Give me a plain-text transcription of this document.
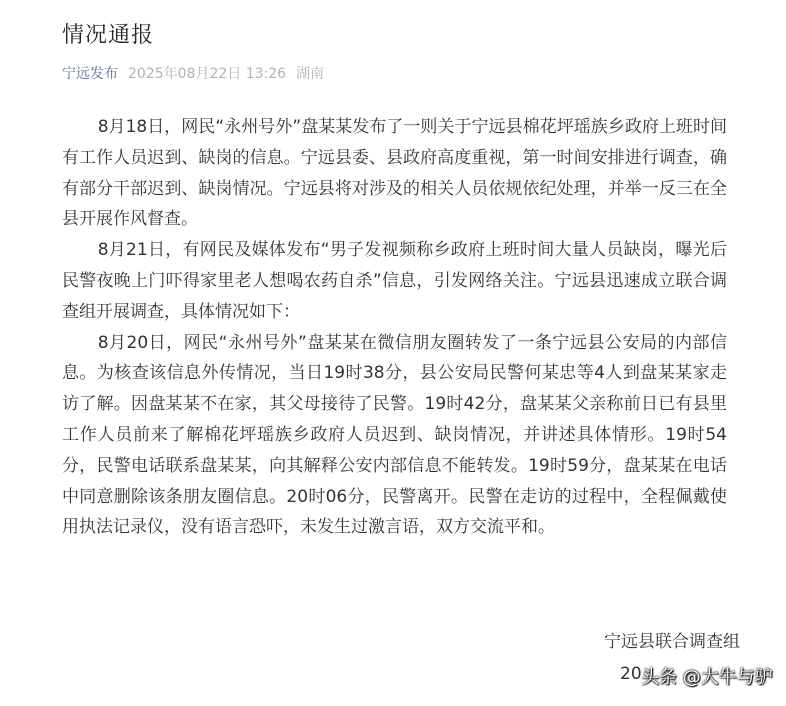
情况通报
宁远发布 2025年08月22日 13:26 湖南

8月18日，网民“永州号外”盘某某发布了一则关于宁远县棉花坪瑶族乡政府上班时间有工作人员迟到、缺岗的信息。宁远县委、县政府高度重视，第一时间安排进行调查，确有部分干部迟到、缺岗情况。宁远县将对涉及的相关人员依规依纪处理，并举一反三在全县开展作风督查。

8月21日，有网民及媒体发布“男子发视频称乡政府上班时间大量人员缺岗，曝光后民警夜晚上门吓得家里老人想喝农药自杀”信息，引发网络关注。宁远县迅速成立联合调查组开展调查，具体情况如下：

8月20日，网民“永州号外”盘某某在微信朋友圈转发了一条宁远县公安局的内部信息。为核查该信息外传情况，当日19时38分，县公安局民警何某忠等4人到盘某某家走访了解。因盘某某不在家，其父母接待了民警。19时42分，盘某某父亲称前日已有县里工作人员前来了解棉花坪瑶族乡政府人员迟到、缺岗情况，并讲述具体情形。19时54分，民警电话联系盘某某，向其解释公安内部信息不能转发。19时59分，盘某某在电话中同意删除该条朋友圈信息。20时06分，民警离开。民警在走访的过程中，全程佩戴使用执法记录仪，没有语言恐吓，未发生过激言语，双方交流平和。

宁远县联合调查组
20 头条 @大牛与驴
